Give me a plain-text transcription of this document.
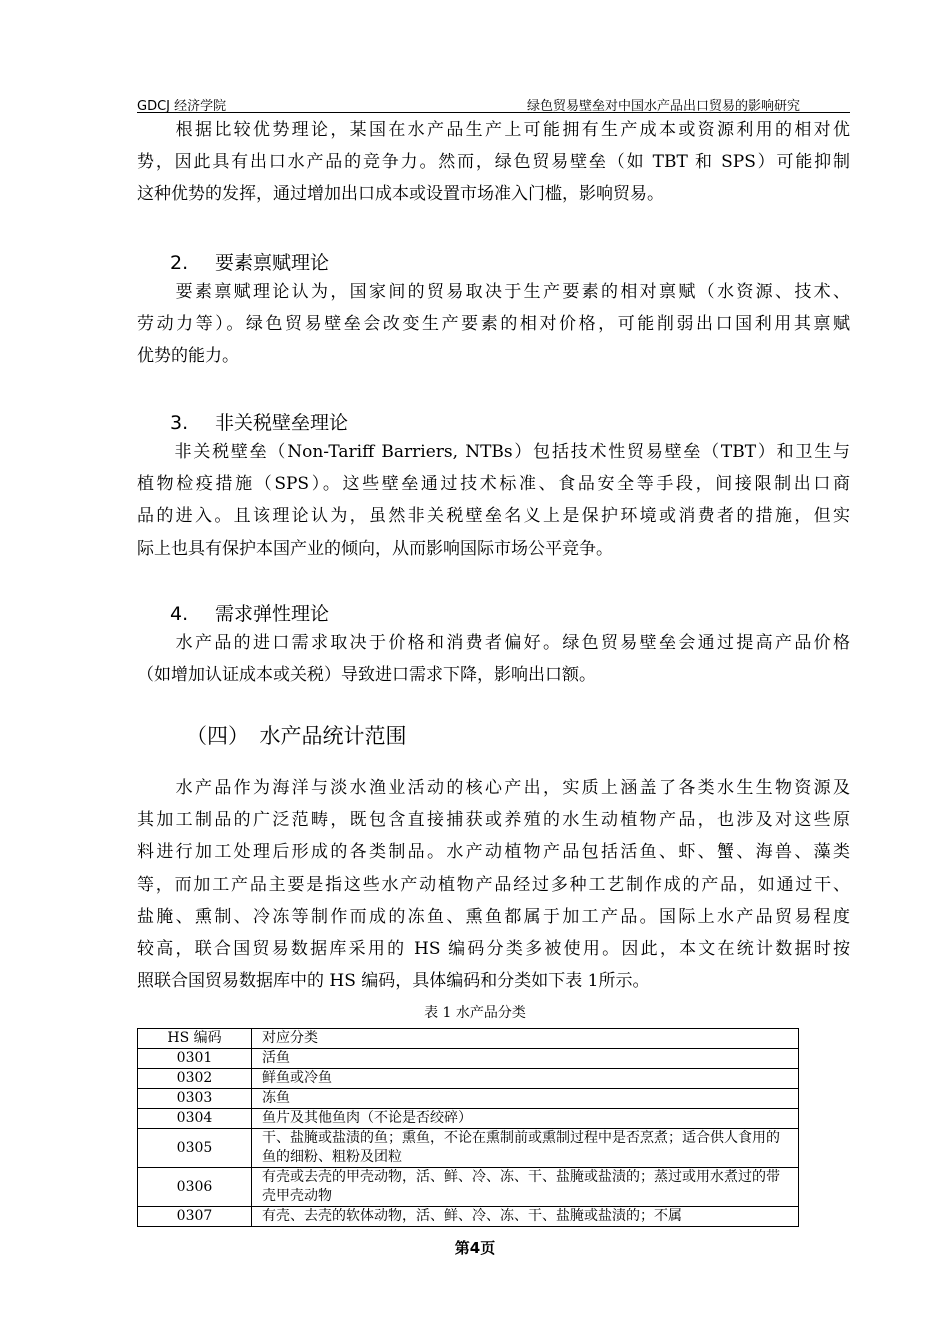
GDCJ 经济学院	绿色贸易壁垒对中国水产品出口贸易的影响研究
　　根据比较优势理论，某国在水产品生产上可能拥有生产成本或资源利用的相对优
势，因此具有出口水产品的竞争力。然而，绿色贸易壁垒（如 TBT 和 SPS）可能抑制
这种优势的发挥，通过增加出口成本或设置市场准入门槛，影响贸易。
2. 要素禀赋理论
　　要素禀赋理论认为，国家间的贸易取决于生产要素的相对禀赋（水资源、技术、
劳动力等）。绿色贸易壁垒会改变生产要素的相对价格，可能削弱出口国利用其禀赋
优势的能力。
3. 非关税壁垒理论
　　非关税壁垒（Non-Tariff Barriers, NTBs）包括技术性贸易壁垒（TBT）和卫生与
植物检疫措施（SPS）。这些壁垒通过技术标准、食品安全等手段，间接限制出口商
品的进入。且该理论认为，虽然非关税壁垒名义上是保护环境或消费者的措施，但实
际上也具有保护本国产业的倾向，从而影响国际市场公平竞争。
4. 需求弹性理论
　　水产品的进口需求取决于价格和消费者偏好。绿色贸易壁垒会通过提高产品价格
（如增加认证成本或关税）导致进口需求下降，影响出口额。
（四）　水产品统计范围
　　水产品作为海洋与淡水渔业活动的核心产出，实质上涵盖了各类水生生物资源及
其加工制品的广泛范畴，既包含直接捕获或养殖的水生动植物产品，也涉及对这些原
料进行加工处理后形成的各类制品。水产动植物产品包括活鱼、虾、蟹、海兽、藻类
等，而加工产品主要是指这些水产动植物产品经过多种工艺制作成的产品，如通过干、
盐腌、熏制、冷冻等制作而成的冻鱼、熏鱼都属于加工产品。国际上水产品贸易程度
较高，联合国贸易数据库采用的 HS 编码分类多被使用。因此，本文在统计数据时按
照联合国贸易数据库中的 HS 编码，具体编码和分类如下表 1所示。
表 1 水产品分类
HS 编码	对应分类
0301	活鱼
0302	鲜鱼或冷鱼
0303	冻鱼
0304	鱼片及其他鱼肉（不论是否绞碎）
0305	干、盐腌或盐渍的鱼；熏鱼，不论在熏制前或熏制过程中是否烹煮；适合供人食用的鱼的细粉、粗粉及团粒
0306	有壳或去壳的甲壳动物，活、鲜、冷、冻、干、盐腌或盐渍的；蒸过或用水煮过的带壳甲壳动物
0307	有壳、去壳的软体动物，活、鲜、冷、冻、干、盐腌或盐渍的；不属
第4页
